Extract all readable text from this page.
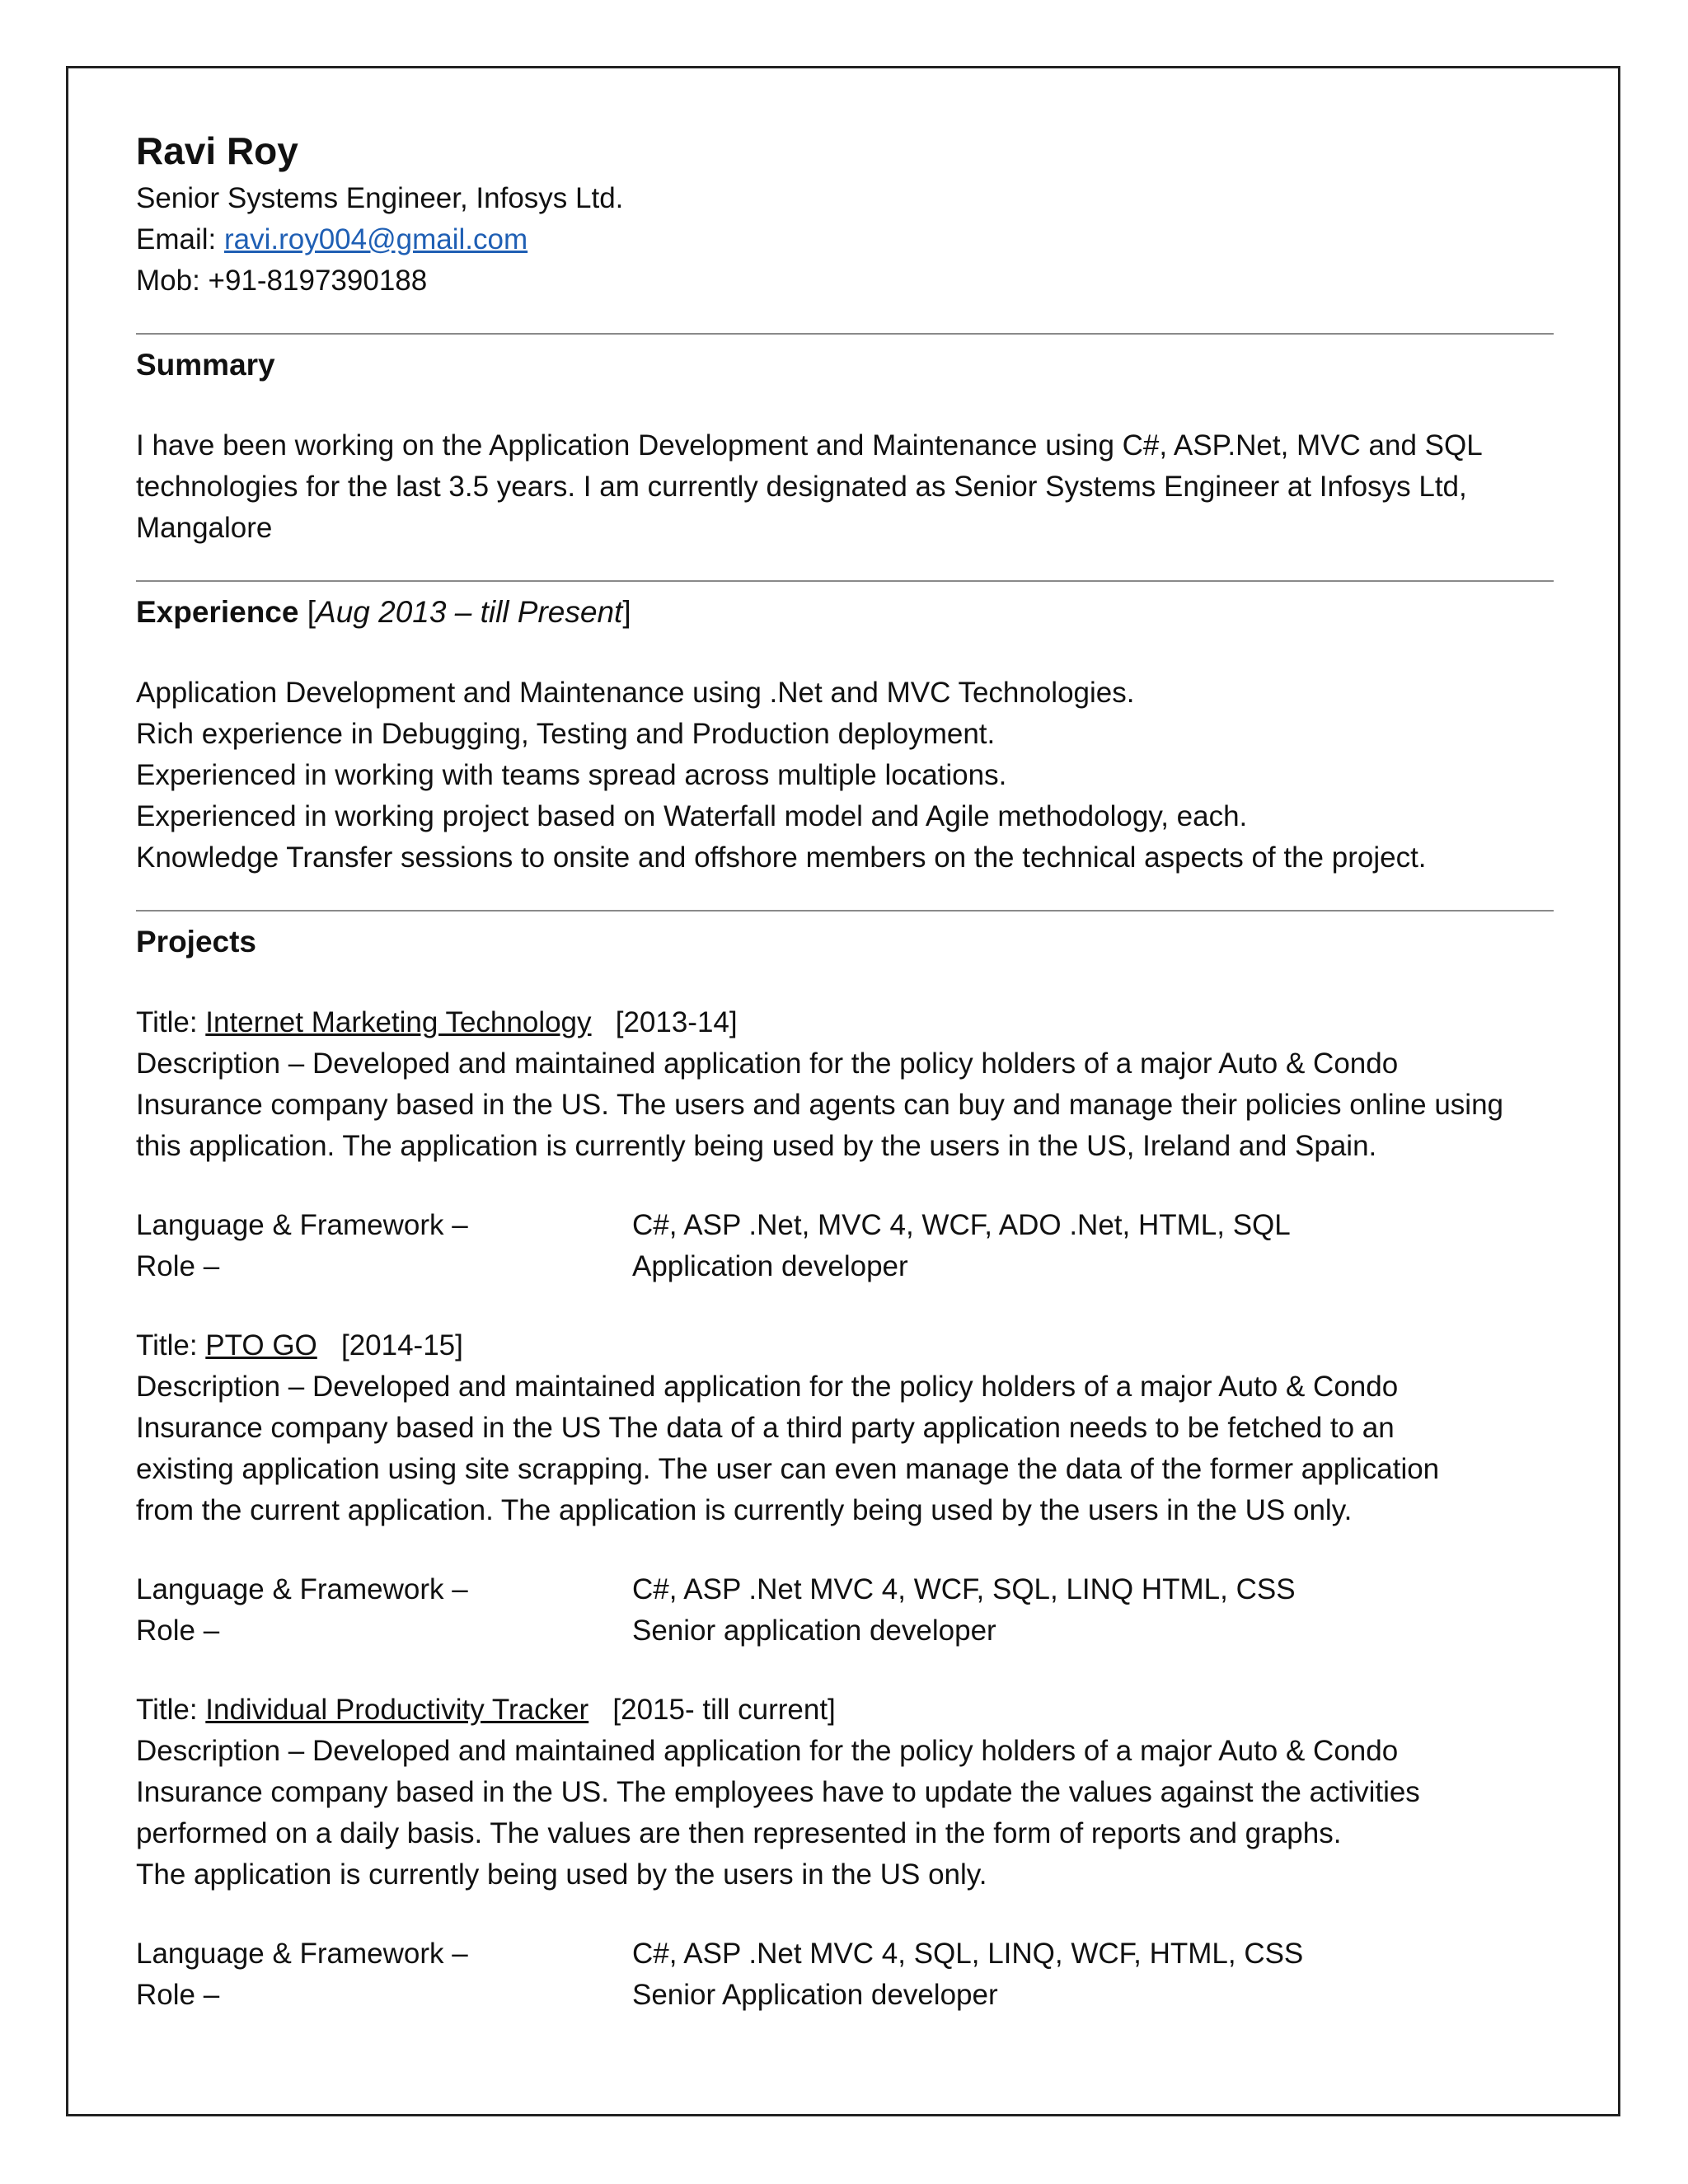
Ravi Roy
Senior Systems Engineer, Infosys Ltd.
Email: ravi.roy004@gmail.com
Mob: +91-8197390188
Summary
I have been working on the Application Development and Maintenance using C#, ASP.Net, MVC and SQL
technologies for the last 3.5 years. I am currently designated as Senior Systems Engineer at Infosys Ltd,
Mangalore
Experience [Aug 2013 – till Present]
Application Development and Maintenance using .Net and MVC Technologies.
Rich experience in Debugging, Testing and Production deployment.
Experienced in working with teams spread across multiple locations.
Experienced in working project based on Waterfall model and Agile methodology, each.
Knowledge Transfer sessions to onsite and offshore members on the technical aspects of the project.
Projects
Title: Internet Marketing Technology [2013-14]
Description – Developed and maintained application for the policy holders of a major Auto & Condo
Insurance company based in the US. The users and agents can buy and manage their policies online using
this application. The application is currently being used by the users in the US, Ireland and Spain.
Language & Framework –	C#, ASP .Net, MVC 4, WCF, ADO .Net, HTML, SQL
Role –	Application developer
Title: PTO GO [2014-15]
Description – Developed and maintained application for the policy holders of a major Auto & Condo
Insurance company based in the US The data of a third party application needs to be fetched to an
existing application using site scrapping. The user can even manage the data of the former application
from the current application. The application is currently being used by the users in the US only.
Language & Framework –	C#, ASP .Net MVC 4, WCF, SQL, LINQ HTML, CSS
Role –	Senior application developer
Title: Individual Productivity Tracker [2015- till current]
Description – Developed and maintained application for the policy holders of a major Auto & Condo
Insurance company based in the US. The employees have to update the values against the activities
performed on a daily basis. The values are then represented in the form of reports and graphs.
The application is currently being used by the users in the US only.
Language & Framework –	C#, ASP .Net MVC 4, SQL, LINQ, WCF, HTML, CSS
Role –	Senior Application developer
